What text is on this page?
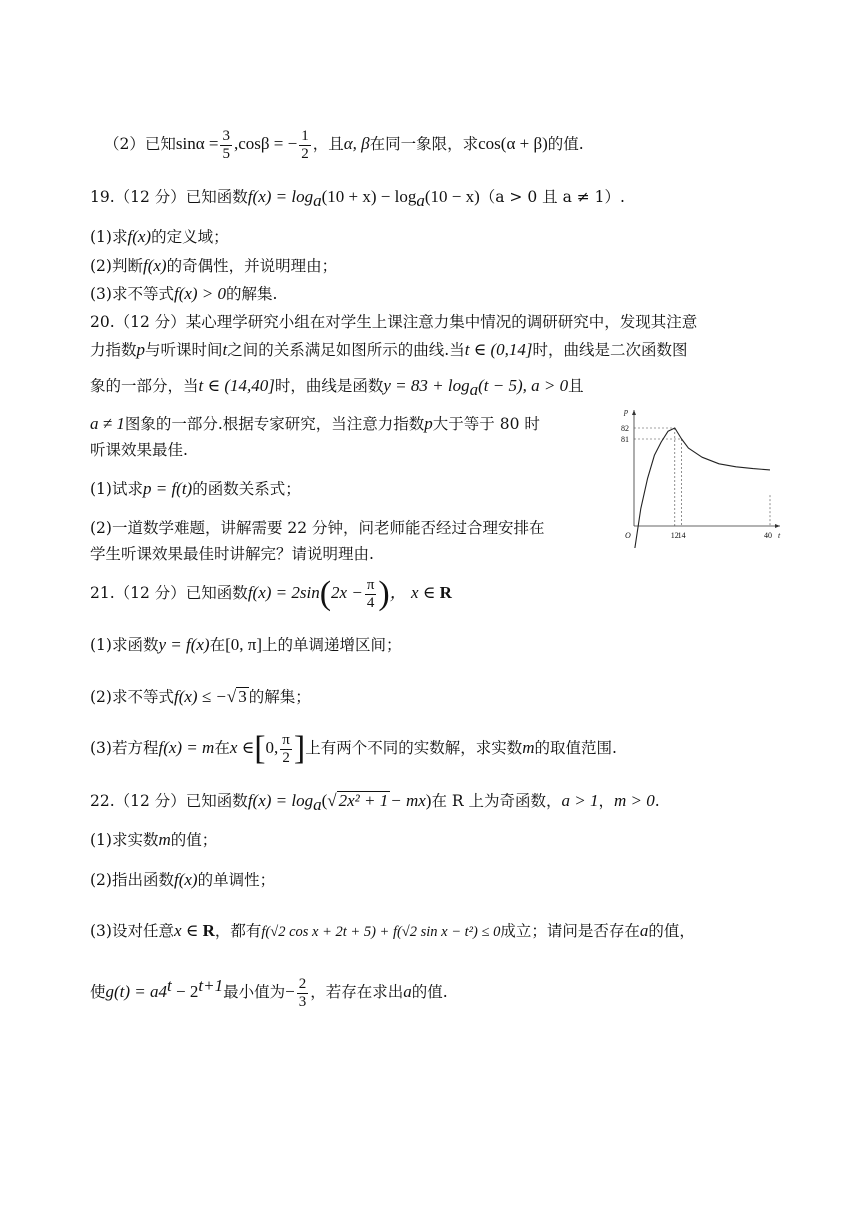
（2）已知$\sin\alpha = \frac{3}{5} ,\cos\beta$ = − $\frac{1}{2}$ ，且α, β在同一象限，求cos(α + β)的值.
19.（12 分）已知函数$f(x) = \log_a(10 + x) - \log_a(10 - x)(a > 0$ 且 a ≠ 1）.
(1)求f(x)的定义域；
(2)判断f(x)的奇偶性，并说明理由；
(3)求不等式f(x) > 0的解集.
20.（12 分）某心理学研究小组在对学生上课注意力集中情况的调研研究中，发现其注意
力指数p与听课时间t之间的关系满足如图所示的曲线.当t ∈ (0,14]时，曲线是二次函数图
象的一部分，当t ∈ (14,40]时，曲线是函数$y = 83 + \log_a(t - 5)$, a > 0且
a ≠ 1图象的一部分.根据专家研究，当注意力指数p大于等于 80 时
听课效果最佳.
(1)试求p = f(t)的函数关系式；
(2)一道数学难题，讲解需要 22 分钟，问老师能否经过合理安排在
学生听课效果最佳时讲解完？请说明理由.
p
t
O	12
14	40
82
81
21.（12 分）已知函数$f(x) = 2\sin(2x - \frac{\pi}{4}$ )， x ∈ R
(1)求函数y = f(x)在[0, π]上的单调递增区间；
(2)求不等式f(x) ≤ −√ 3 的解集；
(3)若方程f(x) = m在x ∈[0, $\frac{\pi}{2}$ ]上有两个不同的实数解，求实数m的取值范围.
22.（12 分）已知函数$f(x) = \log_a(√$ 2x² + 1 − mx)在 R 上为奇函数，a > 1，m > 0.
(1)求实数m的值；
(2)指出函数f(x)的单调性；
(3)设对任意x ∈ R，都有f(√2 cos x + 2t + 5) + f(√2 sin x − t²) ≤ 0成立；请问是否存在a的值，
使$g(t) = a4^t - 2^{t+1}$最小值为− $\frac{2}{3}$ ，若存在求出a的值.
